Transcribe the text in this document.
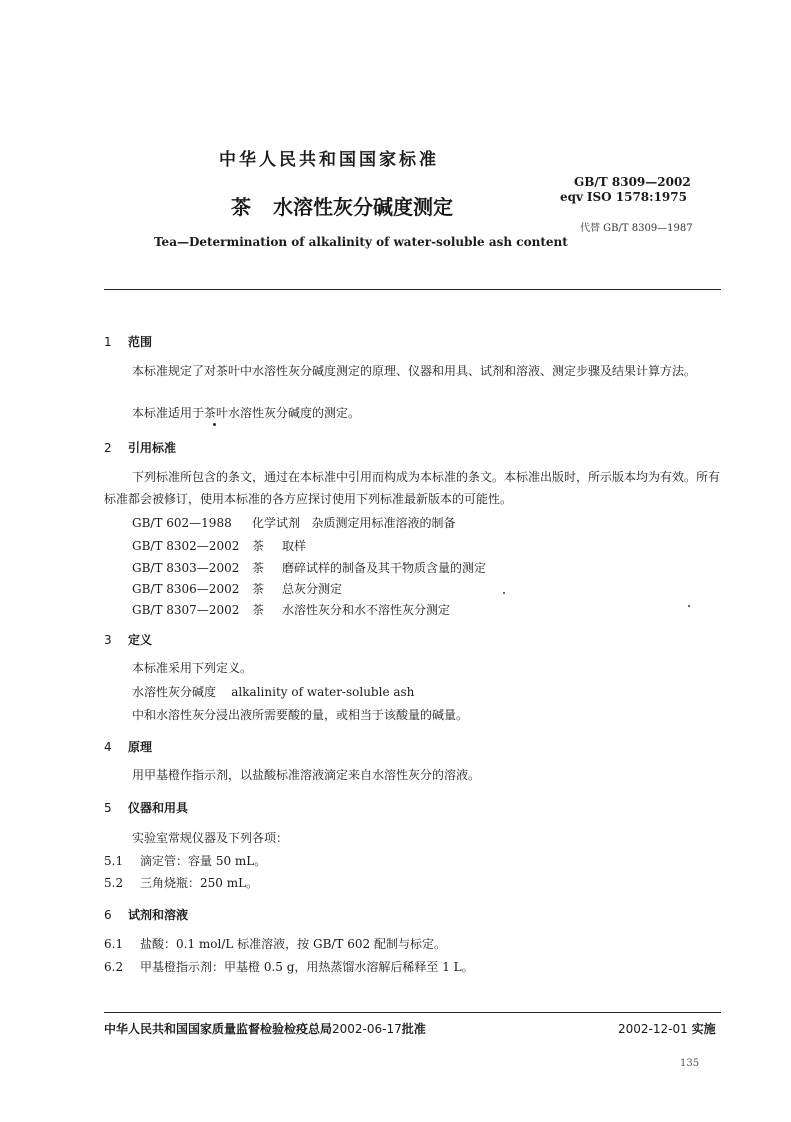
中华人民共和国国家标准
茶 水溶性灰分碱度测定
GB/T 8309—2002
eqv ISO 1578:1975
代替 GB/T 8309—1987
Tea—Determination of alkalinity of water-soluble ash content
1 范围
本标准规定了对茶叶中水溶性灰分碱度测定的原理、仪器和用具、试剂和溶液、测定步骤及结果计算方法。
本标准适用于茶叶水溶性灰分碱度的测定。
2 引用标准
下列标准所包含的条文，通过在本标准中引用而构成为本标准的条文。本标准出版时，所示版本均为有效。所有标准都会被修订，使用本标准的各方应探讨使用下列标准最新版本的可能性。
GB/T 602—1988 化学试剂 杂质测定用标准溶液的制备
GB/T 8302—2002 茶 取样
GB/T 8303—2002 茶 磨碎试样的制备及其干物质含量的测定
GB/T 8306—2002 茶 总灰分测定
GB/T 8307—2002 茶 水溶性灰分和水不溶性灰分测定
3 定义
本标准采用下列定义。
水溶性灰分碱度 alkalinity of water-soluble ash
中和水溶性灰分浸出液所需要酸的量，或相当于该酸量的碱量。
4 原理
用甲基橙作指示剂，以盐酸标准溶液滴定来自水溶性灰分的溶液。
5 仪器和用具
实验室常规仪器及下列各项：
5.1 滴定管：容量 50 mL。
5.2 三角烧瓶：250 mL。
6 试剂和溶液
6.1 盐酸：0.1 mol/L 标准溶液，按 GB/T 602 配制与标定。
6.2 甲基橙指示剂：甲基橙 0.5 g，用热蒸馏水溶解后稀释至 1 L。
中华人民共和国国家质量监督检验检疫总局2002-06-17批准	2002-12-01 实施
135
